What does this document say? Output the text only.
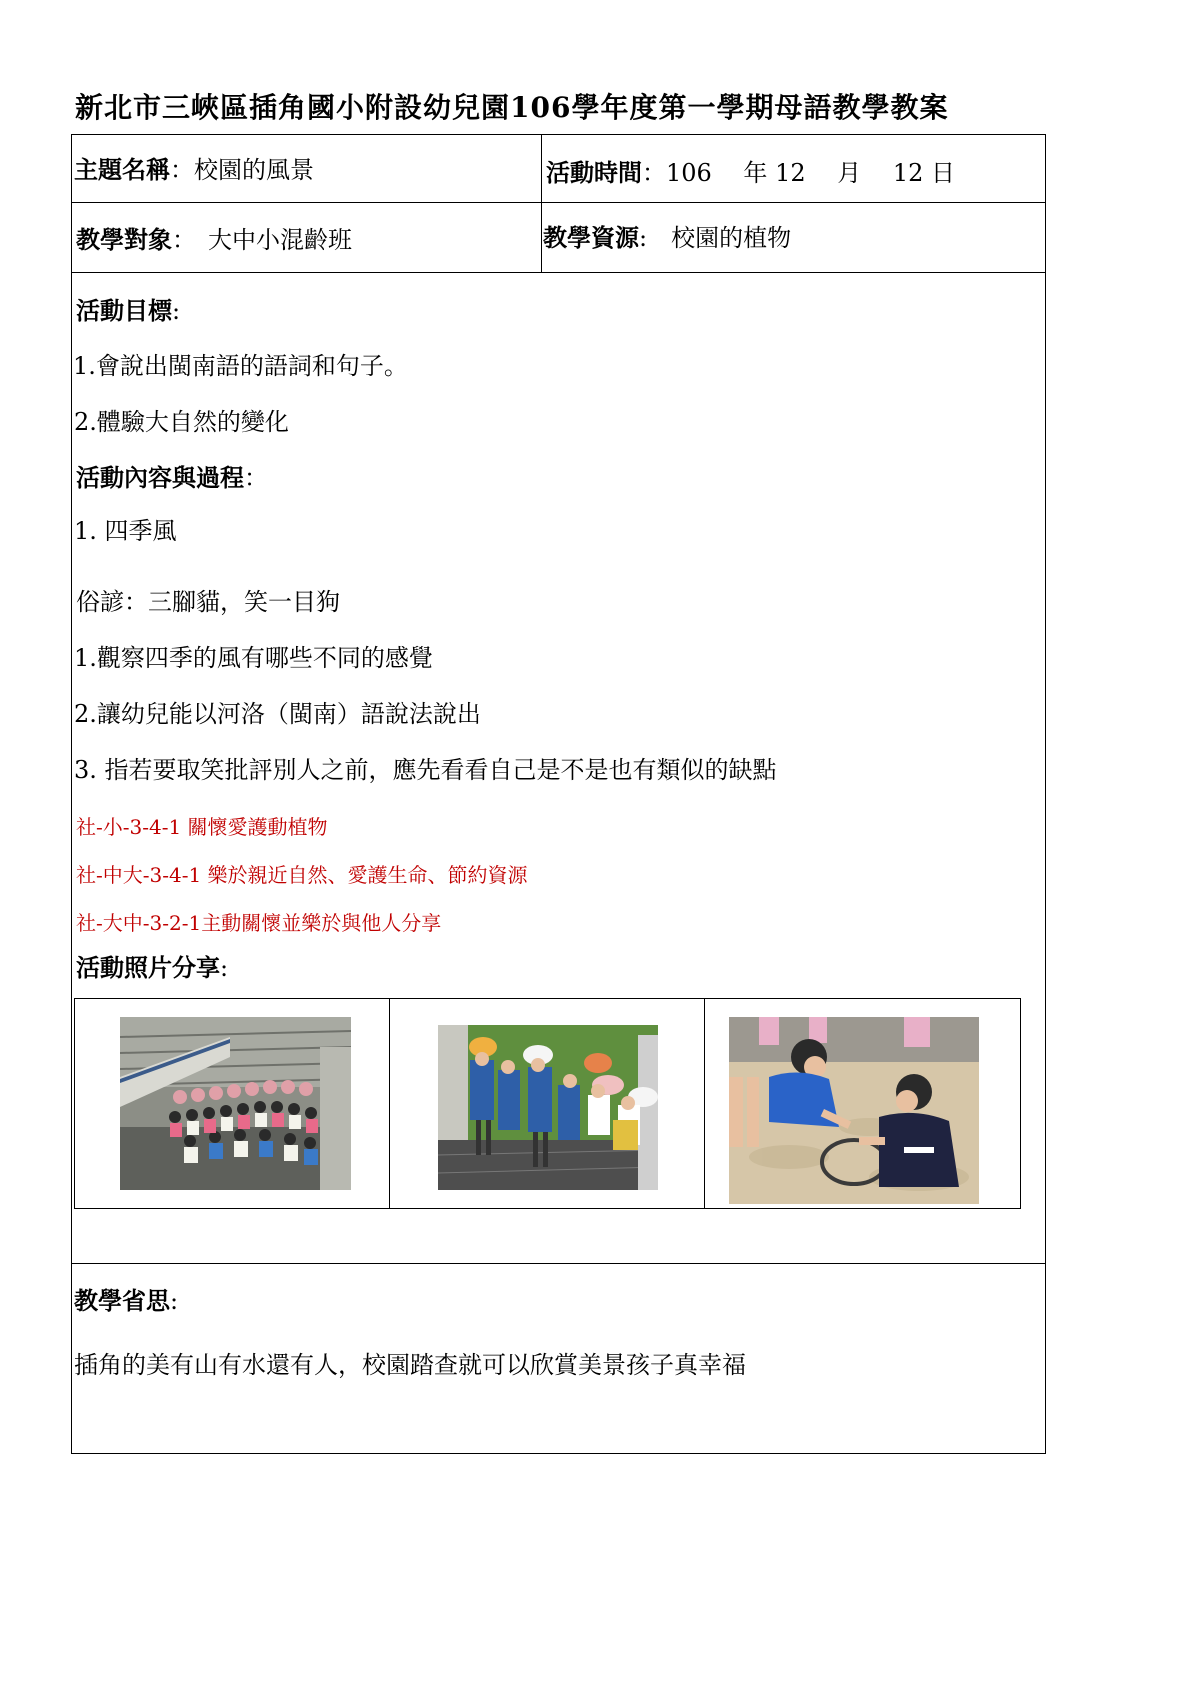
新北市三峽區插角國小附設幼兒園106學年度第一學期母語教學教案
主題名稱：校園的風景	活動時間：106　 年 12　 月 　12 日
教學對象：　大中小混齡班	教學資源:　校園的植物
活動目標:
1.會說出閩南語的語詞和句子。
2.體驗大自然的變化
活動內容與過程：
1. 四季風
俗諺：三腳貓，笑一目狗
1.觀察四季的風有哪些不同的感覺
2.讓幼兒能以河洛（閩南）語說法說出
3. 指若要取笑批評別人之前，應先看看自己是不是也有類似的缺點
社-小-3-4-1 關懷愛護動植物
社-中大-3-4-1 樂於親近自然、愛護生命、節約資源
社-大中-3-2-1主動關懷並樂於與他人分享
活動照片分享:
教學省思:
插角的美有山有水還有人，校園踏查就可以欣賞美景孩子真幸福
